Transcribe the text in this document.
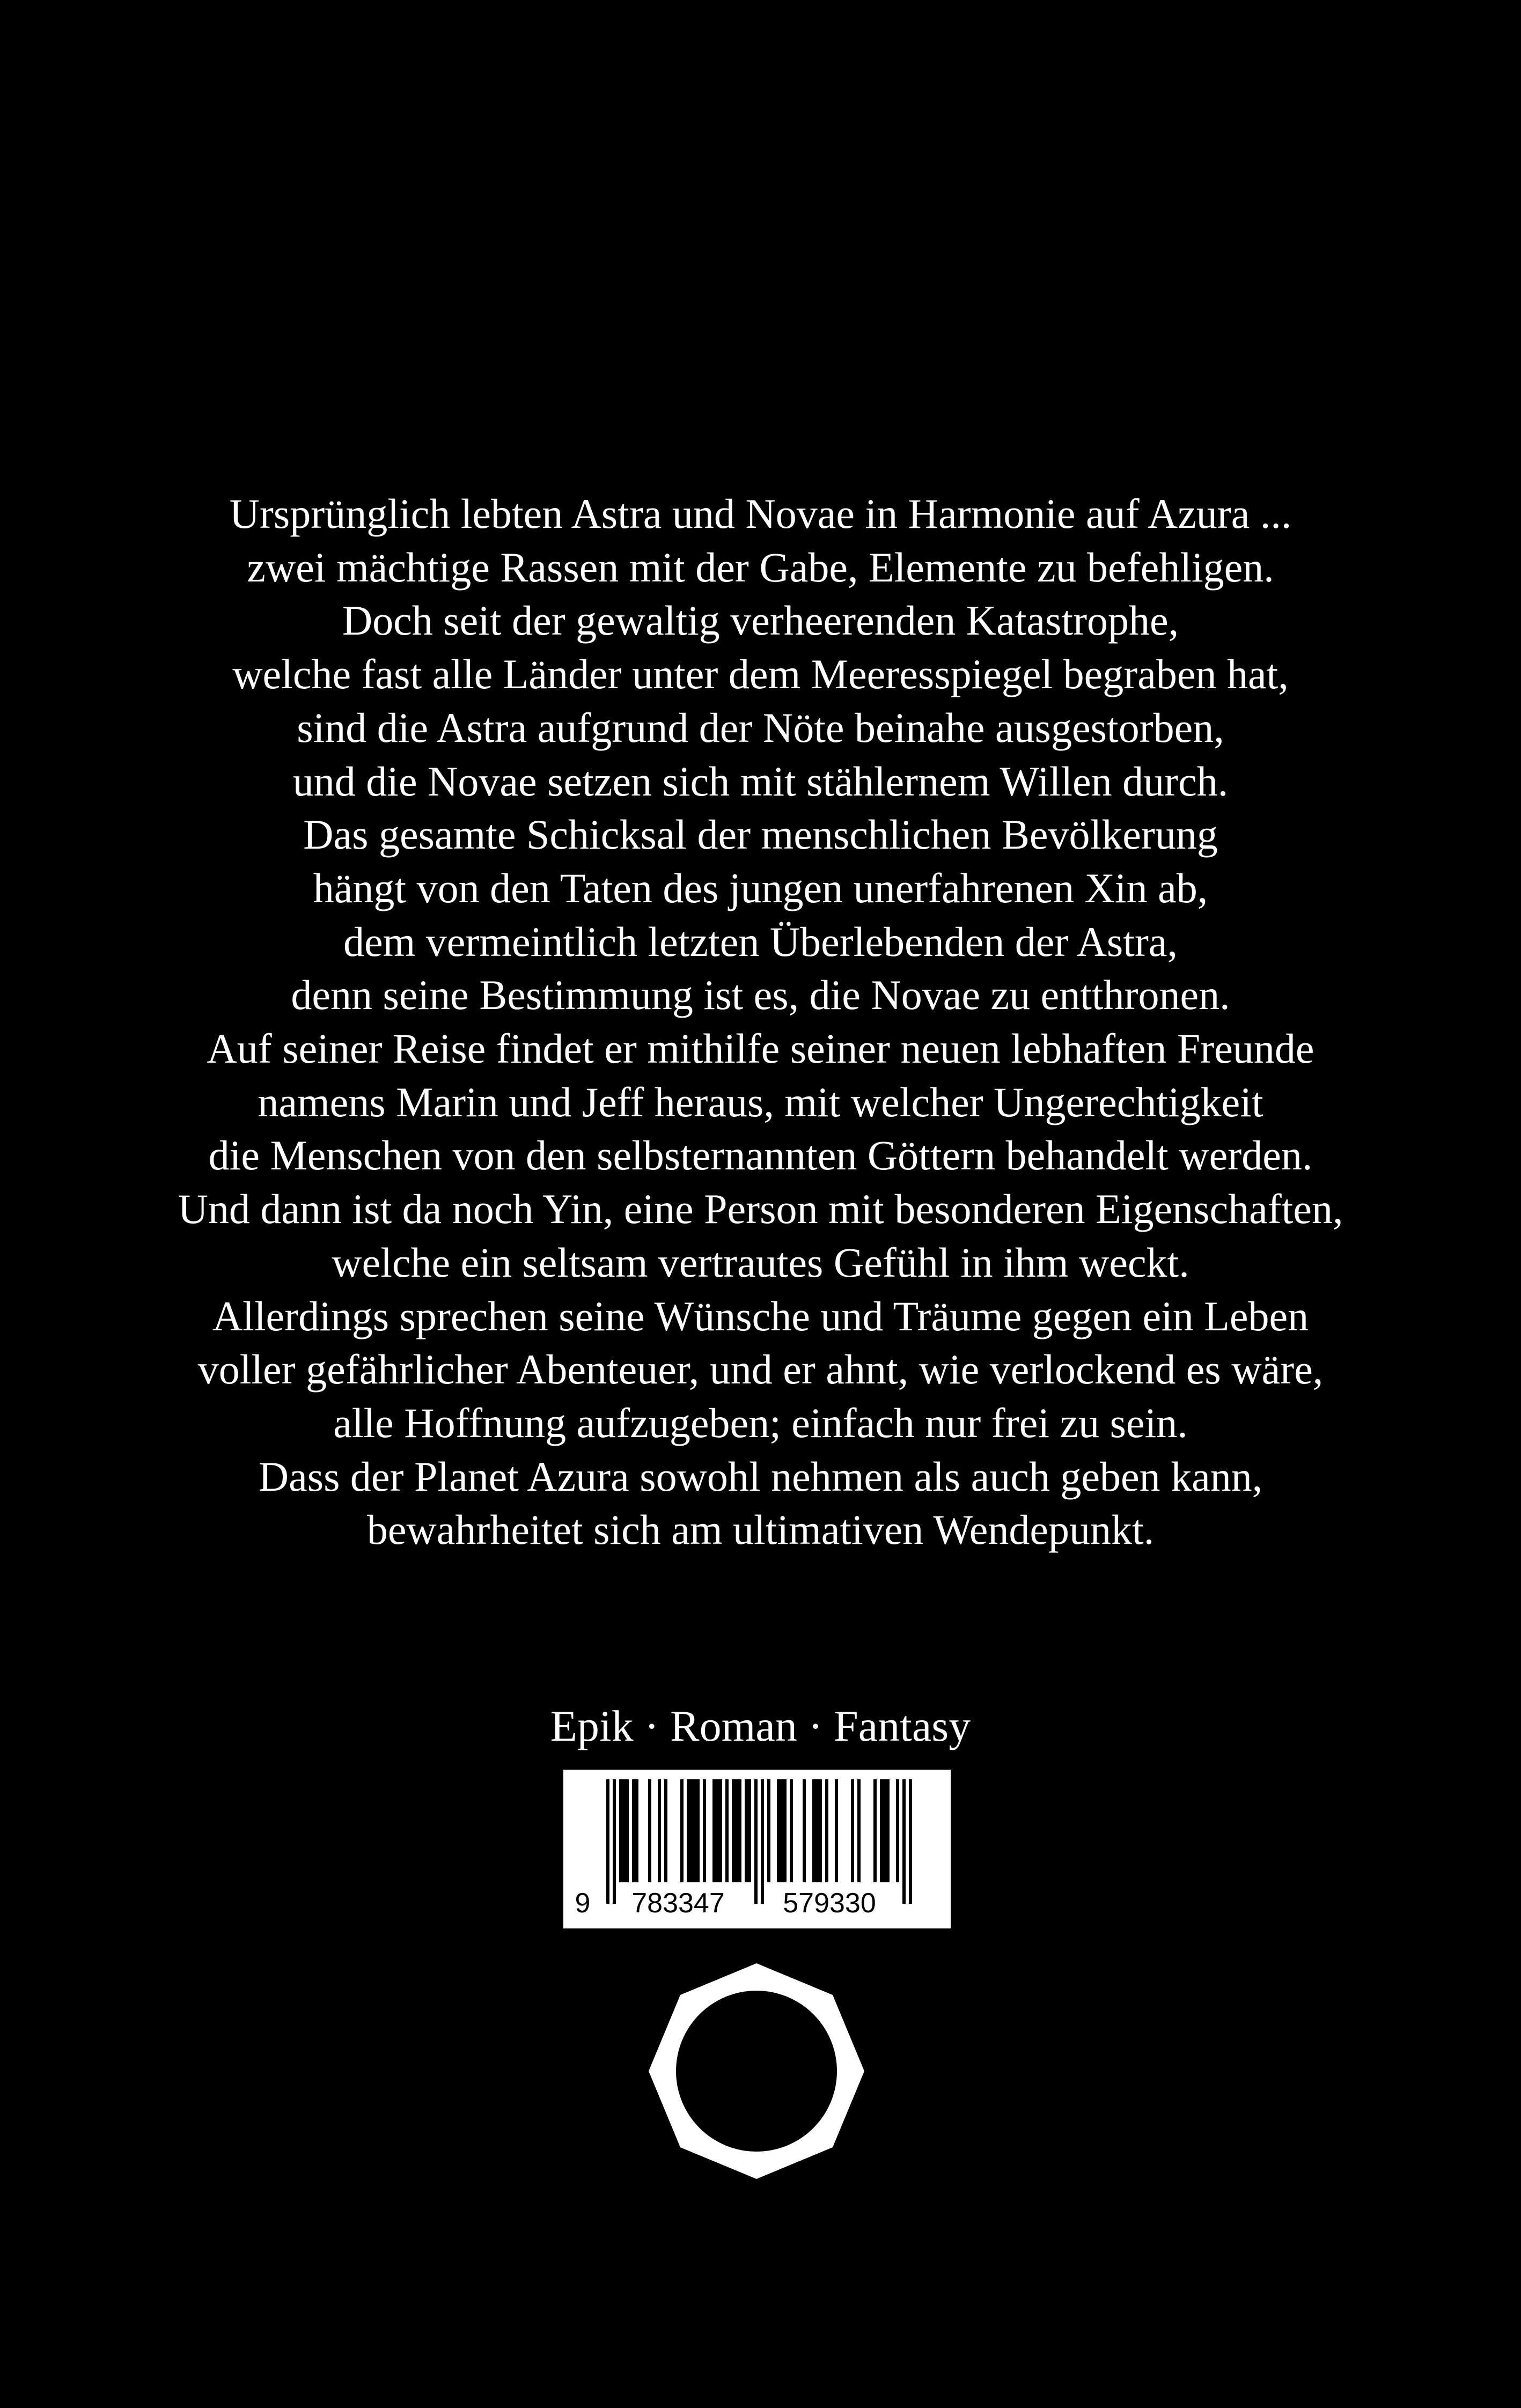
Ursprünglich lebten Astra und Novae in Harmonie auf Azura ...
zwei mächtige Rassen mit der Gabe, Elemente zu befehligen.
Doch seit der gewaltig verheerenden Katastrophe,
welche fast alle Länder unter dem Meeresspiegel begraben hat,
sind die Astra aufgrund der Nöte beinahe ausgestorben,
und die Novae setzen sich mit stählernem Willen durch.
Das gesamte Schicksal der menschlichen Bevölkerung
hängt von den Taten des jungen unerfahrenen Xin ab,
dem vermeintlich letzten Überlebenden der Astra,
denn seine Bestimmung ist es, die Novae zu entthronen.
Auf seiner Reise findet er mithilfe seiner neuen lebhaften Freunde
namens Marin und Jeff heraus, mit welcher Ungerechtigkeit
die Menschen von den selbsternannten Göttern behandelt werden.
Und dann ist da noch Yin, eine Person mit besonderen Eigenschaften,
welche ein seltsam vertrautes Gefühl in ihm weckt.
Allerdings sprechen seine Wünsche und Träume gegen ein Leben
voller gefährlicher Abenteuer, und er ahnt, wie verlockend es wäre,
alle Hoffnung aufzugeben; einfach nur frei zu sein.
Dass der Planet Azura sowohl nehmen als auch geben kann,
bewahrheitet sich am ultimativen Wendepunkt.
Epik · Roman · Fantasy
9 783347 579330
